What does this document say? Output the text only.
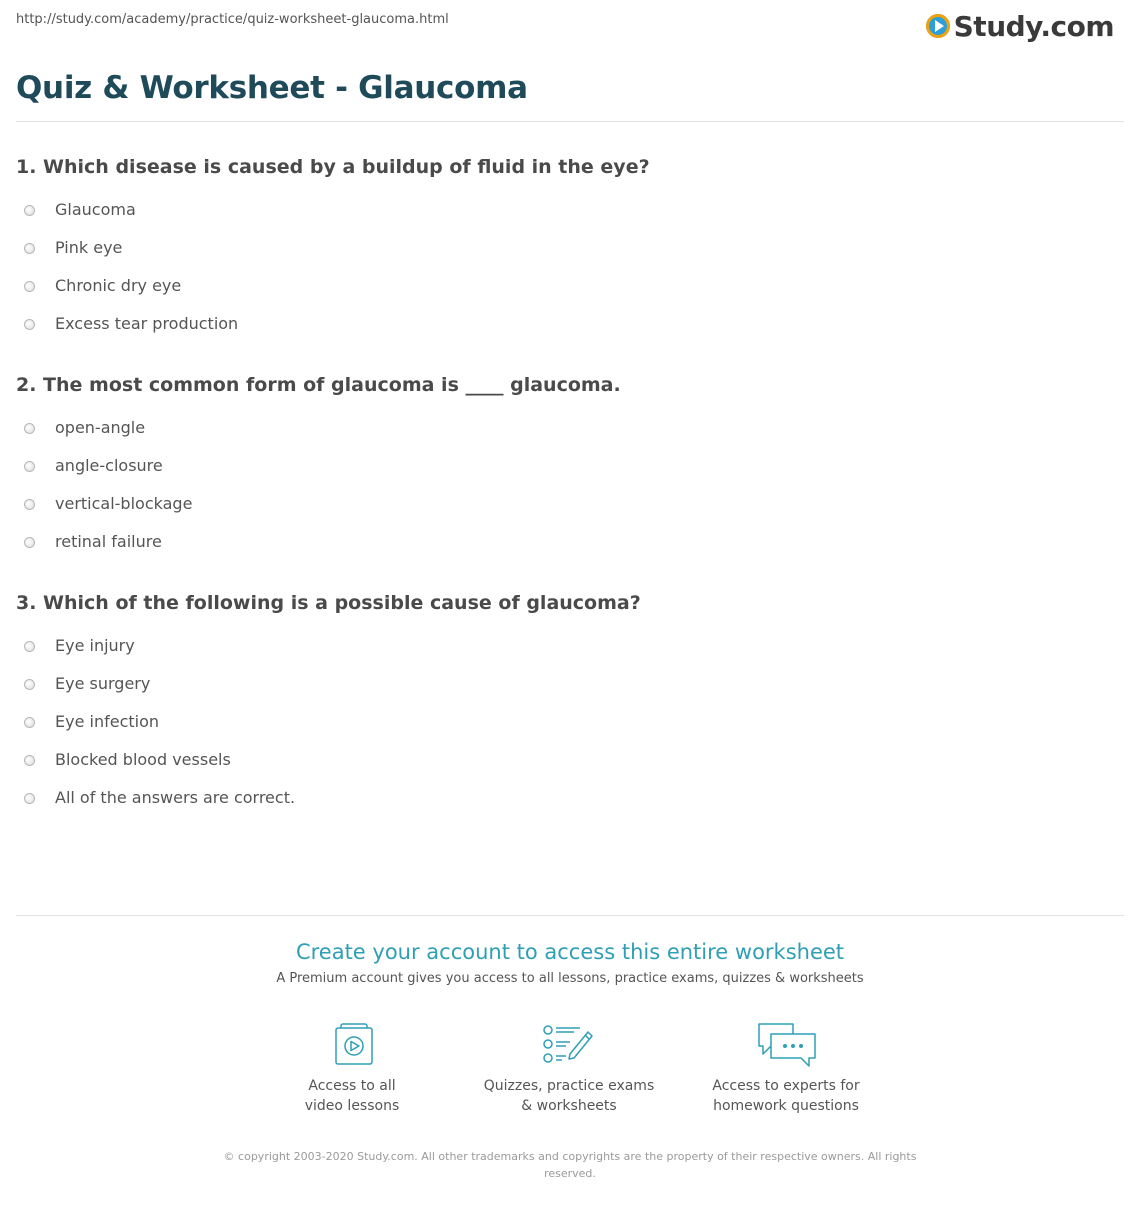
http://study.com/academy/practice/quiz-worksheet-glaucoma.html	Study.com
Quiz & Worksheet - Glaucoma
1. Which disease is caused by a buildup of fluid in the eye?
Glaucoma
Pink eye
Chronic dry eye
Excess tear production
2. The most common form of glaucoma is ____ glaucoma.
open-angle
angle-closure
vertical-blockage
retinal failure
3. Which of the following is a possible cause of glaucoma?
Eye injury
Eye surgery
Eye infection
Blocked blood vessels
All of the answers are correct.
Create your account to access this entire worksheet
A Premium account gives you access to all lessons, practice exams, quizzes & worksheets
Access to all
video lessons
Quizzes, practice exams
& worksheets
Access to experts for
homework questions
© copyright 2003-2020 Study.com. All other trademarks and copyrights are the property of their respective owners. All rights reserved.
